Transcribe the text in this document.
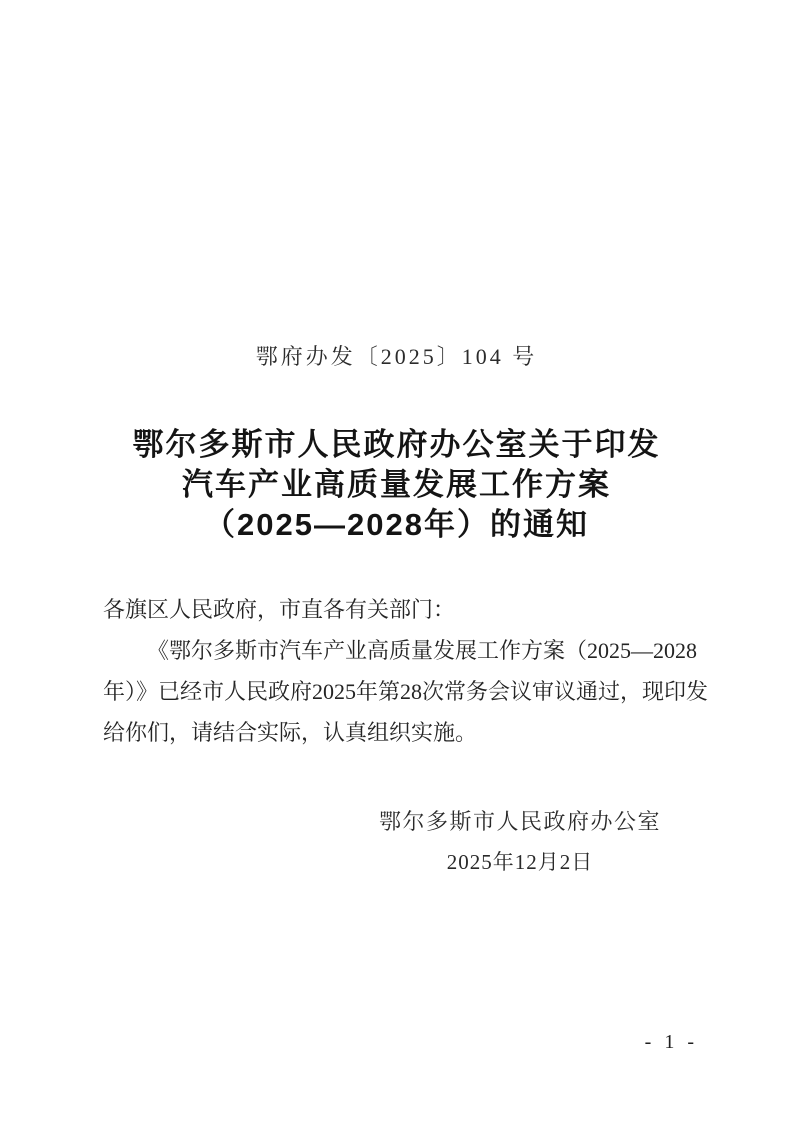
鄂府办发〔2025〕104 号
鄂尔多斯市人民政府办公室关于印发
汽车产业高质量发展工作方案
（2025—2028年）的通知
各旗区人民政府，市直各有关部门：
《鄂尔多斯市汽车产业高质量发展工作方案（2025—2028
年）》已经市人民政府2025年第28次常务会议审议通过，现印发
给你们，请结合实际，认真组织实施。
鄂尔多斯市人民政府办公室
2025年12月2日
- 1 -
